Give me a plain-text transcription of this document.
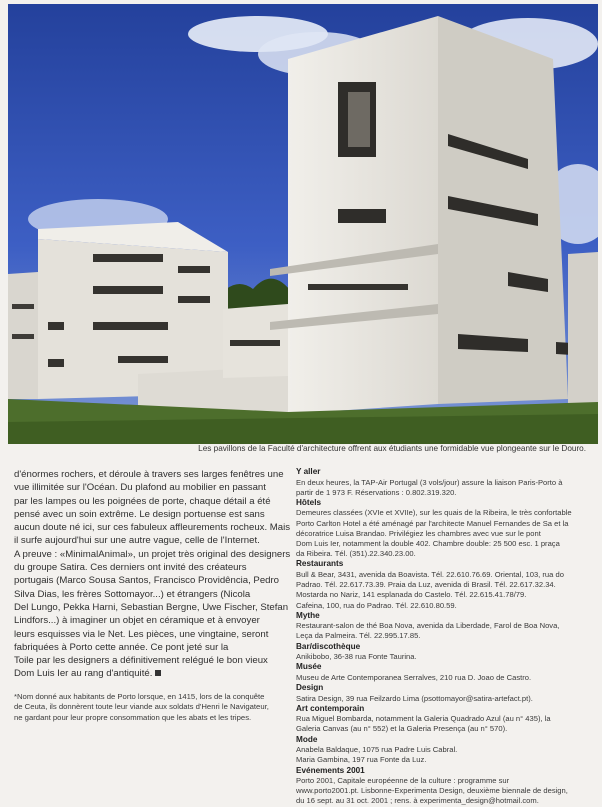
Les pavillons de la Faculté d'architecture offrent aux étudiants une formidable vue plongeante sur le Douro.

d'énormes rochers, et déroule à travers ses larges fenêtres une
vue illimitée sur l'Océan. Du plafond au mobilier en passant
par les lampes ou les poignées de porte, chaque détail a été
pensé avec un soin extrême. Le design portuense est sans
aucun doute né ici, sur ces fabuleux affleurements rocheux. Mais
il surfe aujourd'hui sur une autre vague, celle de l'Internet.
A preuve : «MinimalAnimal», un projet très original des designers
du groupe Satira. Ces derniers ont invité des créateurs
portugais (Marco Sousa Santos, Francisco Providência, Pedro
Silva Dias, les frères Sottomayor...) et étrangers (Nicola
Del Lungo, Pekka Harni, Sebastian Bergne, Uwe Fischer, Stefan
Lindfors...) à imaginer un objet en céramique et à envoyer
leurs esquisses via le Net. Les pièces, une vingtaine, seront
fabriquées à Porto cette année. Ce pont jeté sur la
Toile par les designers a définitivement relégué le bon vieux
Dom Luis Ier au rang d'antiquité.

*Nom donné aux habitants de Porto lorsque, en 1415, lors de la conquête
de Ceuta, ils donnèrent toute leur viande aux soldats d'Henri le Navigateur,
ne gardant pour leur propre consommation que les abats et les tripes.

Y aller

En deux heures, la TAP-Air Portugal (3 vols/jour) assure la liaison Paris-Porto à
partir de 1 973 F. Réservations : 0.802.319.320.

Hôtels

Demeures classées (XVIe et XVIIe), sur les quais de la Ribeira, le très confortable
Porto Carlton Hotel a été aménagé par l'architecte Manuel Fernandes de Sa et la
décoratrice Luisa Brandao. Privilégiez les chambres avec vue sur le pont
Dom Luis Ier, notamment la double 402. Chambre double: 25 500 esc. 1 praça
da Ribeira. Tél. (351).22.340.23.00.

Restaurants

Bull & Bear, 3431, avenida da Boavista. Tél. 22.610.76.69. Oriental, 103, rua do
Padrao. Tél. 22.617.73.39. Praia da Luz, avenida di Brasil. Tél. 22.617.32.34.
Mostarda no Nariz, 141 esplanada do Castelo. Tél. 22.615.41.78/79.
Cafeina, 100, rua do Padrao. Tél. 22.610.80.59.

Mythe

Restaurant-salon de thé Boa Nova, avenida da Liberdade, Farol de Boa Nova,
Leça da Palmeira. Tél. 22.995.17.85.

Bar/discothèque

Anikibobo, 36-38 rua Fonte Taurina.

Musée

Museu de Arte Contemporanea Serralves, 210 rua D. Joao de Castro.

Design

Satira Design, 39 rua Feilzardo Lima (psottomayor@satira-artefact.pt).

Art contemporain

Rua Miguel Bombarda, notamment la Galeria Quadrado Azul (au n° 435), la
Galeria Canvas (au n° 552) et la Galeria Presença (au n° 570).

Mode

Anabela Baldaque, 1075 rua Padre Luis Cabral.
Maria Gambina, 197 rua Fonte da Luz.

Evénements 2001

Porto 2001, Capitale européenne de la culture : programme sur
www.porto2001.pt. Lisbonne-Experimenta Design, deuxième biennale de design,
du 16 sept. au 31 oct. 2001 ; rens. à experimenta_design@hotmail.com.
